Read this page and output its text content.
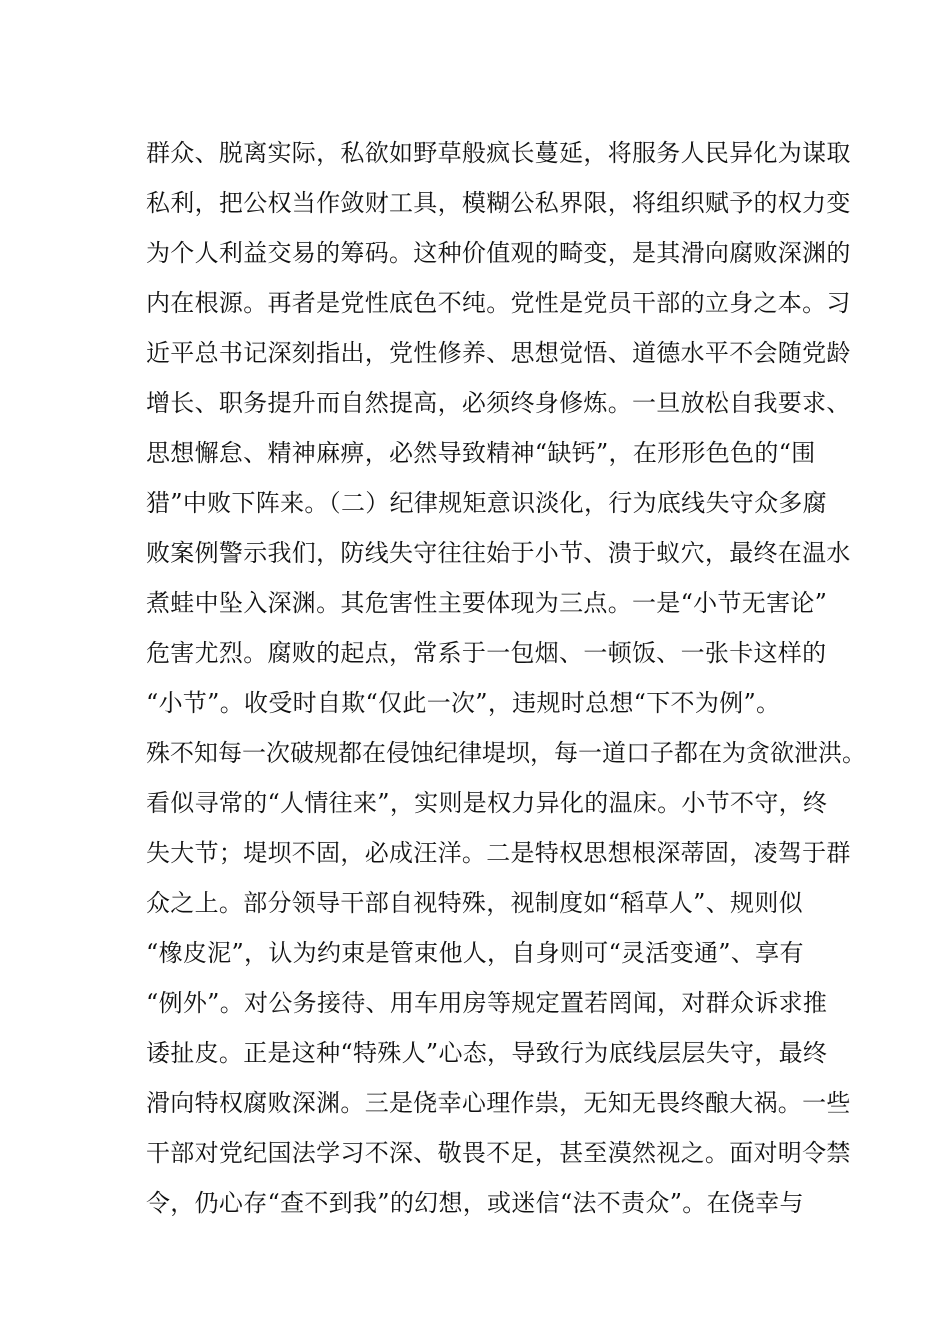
群众、脱离实际，私欲如野草般疯长蔓延，将服务人民异化为谋取
私利，把公权当作敛财工具，模糊公私界限，将组织赋予的权力变
为个人利益交易的筹码。这种价值观的畸变，是其滑向腐败深渊的
内在根源。再者是党性底色不纯。党性是党员干部的立身之本。习
近平总书记深刻指出，党性修养、思想觉悟、道德水平不会随党龄
增长、职务提升而自然提高，必须终身修炼。一旦放松自我要求、
思想懈怠、精神麻痹，必然导致精神“缺钙”，在形形色色的“围
猎”中败下阵来。（二）纪律规矩意识淡化，行为底线失守众多腐
败案例警示我们，防线失守往往始于小节、溃于蚁穴，最终在温水
煮蛙中坠入深渊。其危害性主要体现为三点。一是“小节无害论”
危害尤烈。腐败的起点，常系于一包烟、一顿饭、一张卡这样的
“小节”。收受时自欺“仅此一次”，违规时总想“下不为例”。
殊不知每一次破规都在侵蚀纪律堤坝，每一道口子都在为贪欲泄洪。
看似寻常的“人情往来”，实则是权力异化的温床。小节不守，终
失大节；堤坝不固，必成汪洋。二是特权思想根深蒂固，凌驾于群
众之上。部分领导干部自视特殊，视制度如“稻草人”、规则似
“橡皮泥”，认为约束是管束他人，自身则可“灵活变通”、享有
“例外”。对公务接待、用车用房等规定置若罔闻，对群众诉求推
诿扯皮。正是这种“特殊人”心态，导致行为底线层层失守，最终
滑向特权腐败深渊。三是侥幸心理作祟，无知无畏终酿大祸。一些
干部对党纪国法学习不深、敬畏不足，甚至漠然视之。面对明令禁
令，仍心存“查不到我”的幻想，或迷信“法不责众”。在侥幸与
